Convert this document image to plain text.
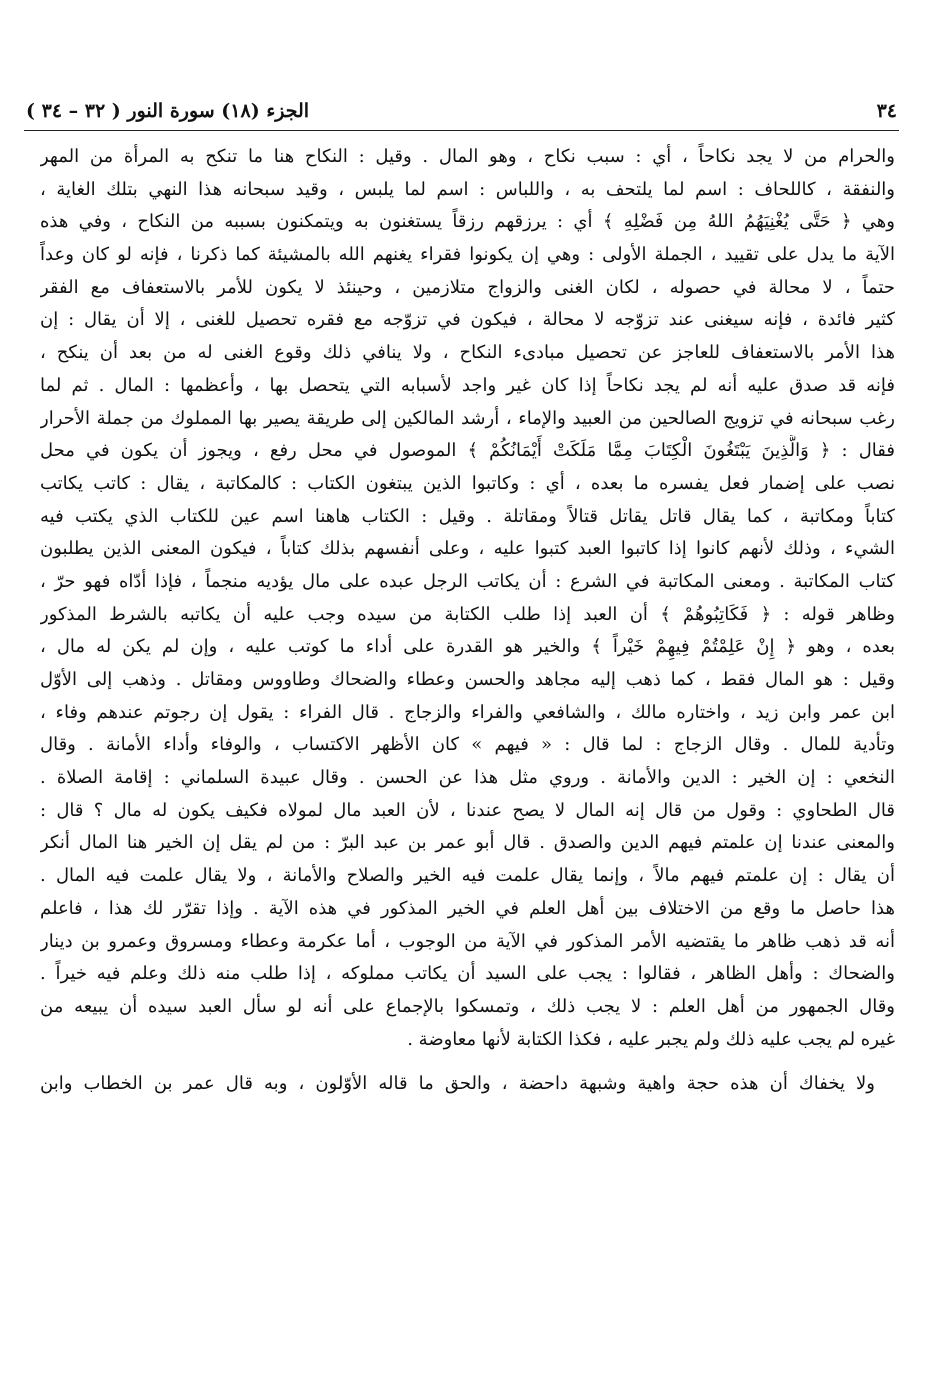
٣٤
الجزء (١٨) سورة النور ( ٣٢ – ٣٤ )
والحرام من لا يجد نكاحاً ، أي : سبب نكاح ، وهو المال . وقيل : النكاح هنا ما تنكح به المرأة من المهر
والنفقة ، كاللحاف : اسم لما يلتحف به ، واللباس : اسم لما يلبس ، وقيد سبحانه هذا النهي بتلك الغاية ،
وهي ﴿ حَتَّى يُغْنِيَهُمُ اللهُ مِن فَضْلِهِ ﴾ أي : يرزقهم رزقاً يستغنون به ويتمكنون بسببه من النكاح ، وفي هذه
الآية ما يدل على تقييد ، الجملة الأولى : وهي إن يكونوا فقراء يغنهم الله بالمشيئة كما ذكرنا ، فإنه لو كان وعداً
حتماً ، لا محالة في حصوله ، لكان الغنى والزواج متلازمين ، وحينئذ لا يكون للأمر بالاستعفاف مع الفقر
كثير فائدة ، فإنه سيغنى عند تزوّجه لا محالة ، فيكون في تزوّجه مع فقره تحصيل للغنى ، إلا أن يقال : إن
هذا الأمر بالاستعفاف للعاجز عن تحصيل مبادىء النكاح ، ولا ينافي ذلك وقوع الغنى له من بعد أن ينكح ،
فإنه قد صدق عليه أنه لم يجد نكاحاً إذا كان غير واجد لأسبابه التي يتحصل بها ، وأعظمها : المال . ثم لما
رغب سبحانه في تزويج الصالحين من العبيد والإماء ، أرشد المالكين إلى طريقة يصير بها المملوك من جملة الأحرار
فقال : ﴿ وَالَّذِينَ يَبْتَغُونَ الْكِتَابَ مِمَّا مَلَكَتْ أَيْمَانُكُمْ ﴾ الموصول في محل رفع ، ويجوز أن يكون في محل
نصب على إضمار فعل يفسره ما بعده ، أي : وكاتبوا الذين يبتغون الكتاب : كالمكاتبة ، يقال : كاتب يكاتب
كتاباً ومكاتبة ، كما يقال قاتل يقاتل قتالاً ومقاتلة . وقيل : الكتاب هاهنا اسم عين للكتاب الذي يكتب فيه
الشيء ، وذلك لأنهم كانوا إذا كاتبوا العبد كتبوا عليه ، وعلى أنفسهم بذلك كتاباً ، فيكون المعنى الذين يطلبون
كتاب المكاتبة . ومعنى المكاتبة في الشرع : أن يكاتب الرجل عبده على مال يؤديه منجماً ، فإذا أدّاه فهو حرّ ،
وظاهر قوله : ﴿ فَكَاتِبُوهُمْ ﴾ أن العبد إذا طلب الكتابة من سيده وجب عليه أن يكاتبه بالشرط المذكور
بعده ، وهو ﴿ إِنْ عَلِمْتُمْ فِيهِمْ خَيْراً ﴾ والخير هو القدرة على أداء ما كوتب عليه ، وإن لم يكن له مال ،
وقيل : هو المال فقط ، كما ذهب إليه مجاهد والحسن وعطاء والضحاك وطاووس ومقاتل . وذهب إلى الأوّل
ابن عمر وابن زيد ، واختاره مالك ، والشافعي والفراء والزجاج . قال الفراء : يقول إن رجوتم عندهم وفاء ،
وتأدية للمال . وقال الزجاج : لما قال : « فيهم » كان الأظهر الاكتساب ، والوفاء وأداء الأمانة . وقال
النخعي : إن الخير : الدين والأمانة . وروي مثل هذا عن الحسن . وقال عبيدة السلماني : إقامة الصلاة .
قال الطحاوي : وقول من قال إنه المال لا يصح عندنا ، لأن العبد مال لمولاه فكيف يكون له مال ؟ قال :
والمعنى عندنا إن علمتم فيهم الدين والصدق . قال أبو عمر بن عبد البرّ : من لم يقل إن الخير هنا المال أنكر
أن يقال : إن علمتم فيهم مالاً ، وإنما يقال علمت فيه الخير والصلاح والأمانة ، ولا يقال علمت فيه المال .
هذا حاصل ما وقع من الاختلاف بين أهل العلم في الخير المذكور في هذه الآية . وإذا تقرّر لك هذا ، فاعلم
أنه قد ذهب ظاهر ما يقتضيه الأمر المذكور في الآية من الوجوب ، أما عكرمة وعطاء ومسروق وعمرو بن دينار
والضحاك : وأهل الظاهر ، فقالوا : يجب على السيد أن يكاتب مملوكه ، إذا طلب منه ذلك وعلم فيه خيراً .
وقال الجمهور من أهل العلم : لا يجب ذلك ، وتمسكوا بالإجماع على أنه لو سأل العبد سيده أن يبيعه من
غيره لم يجب عليه ذلك ولم يجبر عليه ، فكذا الكتابة لأنها معاوضة .
ولا يخفاك أن هذه حجة واهية وشبهة داحضة ، والحق ما قاله الأوّلون ، وبه قال عمر بن الخطاب وابن
